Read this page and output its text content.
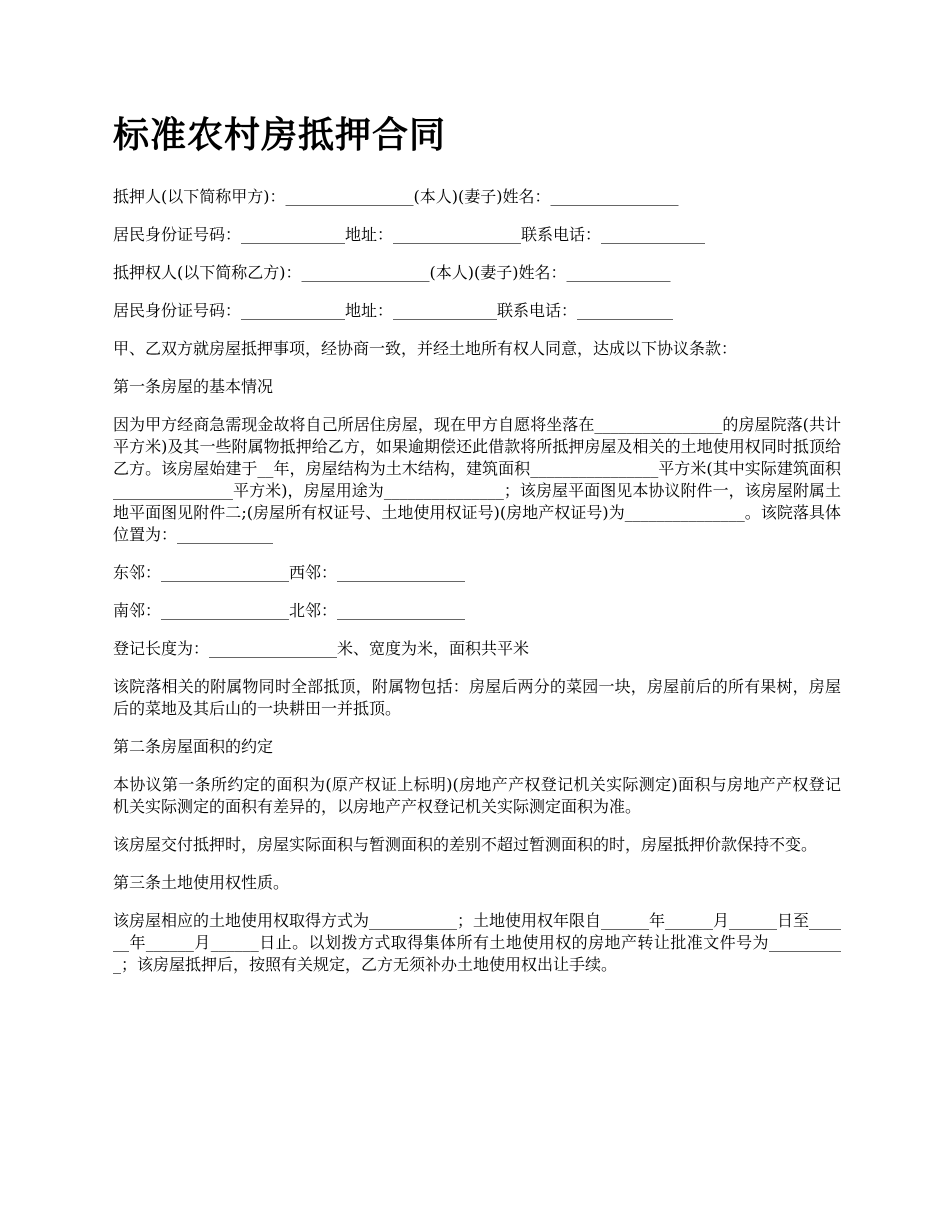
标准农村房抵押合同

抵押人(以下简称甲方)：________________(本人)(妻子)姓名：________________

居民身份证号码：_____________地址：________________联系电话：_____________

抵押权人(以下简称乙方)：________________(本人)(妻子)姓名：_____________

居民身份证号码：_____________地址：_____________联系电话：____________

甲、乙双方就房屋抵押事项，经协商一致，并经土地所有权人同意，达成以下协议条款：

第一条房屋的基本情况

因为甲方经商急需现金故将自己所居住房屋，现在甲方自愿将坐落在________________的房屋院落(共计平方米)及其一些附属物抵押给乙方，如果逾期偿还此借款将所抵押房屋及相关的土地使用权同时抵顶给乙方。该房屋始建于__年，房屋结构为土木结构，建筑面积________________平方米(其中实际建筑面积_______________平方米)，房屋用途为_______________；该房屋平面图见本协议附件一，该房屋附属土地平面图见附件二;(房屋所有权证号、土地使用权证号)(房地产权证号)为_______________。该院落具体位置为：____________

东邻：________________西邻：________________

南邻：________________北邻：________________

登记长度为：________________米、宽度为米，面积共平米

该院落相关的附属物同时全部抵顶，附属物包括：房屋后两分的菜园一块，房屋前后的所有果树，房屋后的菜地及其后山的一块耕田一并抵顶。

第二条房屋面积的约定

本协议第一条所约定的面积为(原产权证上标明)(房地产产权登记机关实际测定)面积与房地产产权登记机关实际测定的面积有差异的，以房地产产权登记机关实际测定面积为准。

该房屋交付抵押时，房屋实际面积与暂测面积的差别不超过暂测面积的时，房屋抵押价款保持不变。

第三条土地使用权性质。

该房屋相应的土地使用权取得方式为___________；土地使用权年限自______年______月______日至______年______月______日止。以划拨方式取得集体所有土地使用权的房地产转让批准文件号为__________；该房屋抵押后，按照有关规定，乙方无须补办土地使用权出让手续。
